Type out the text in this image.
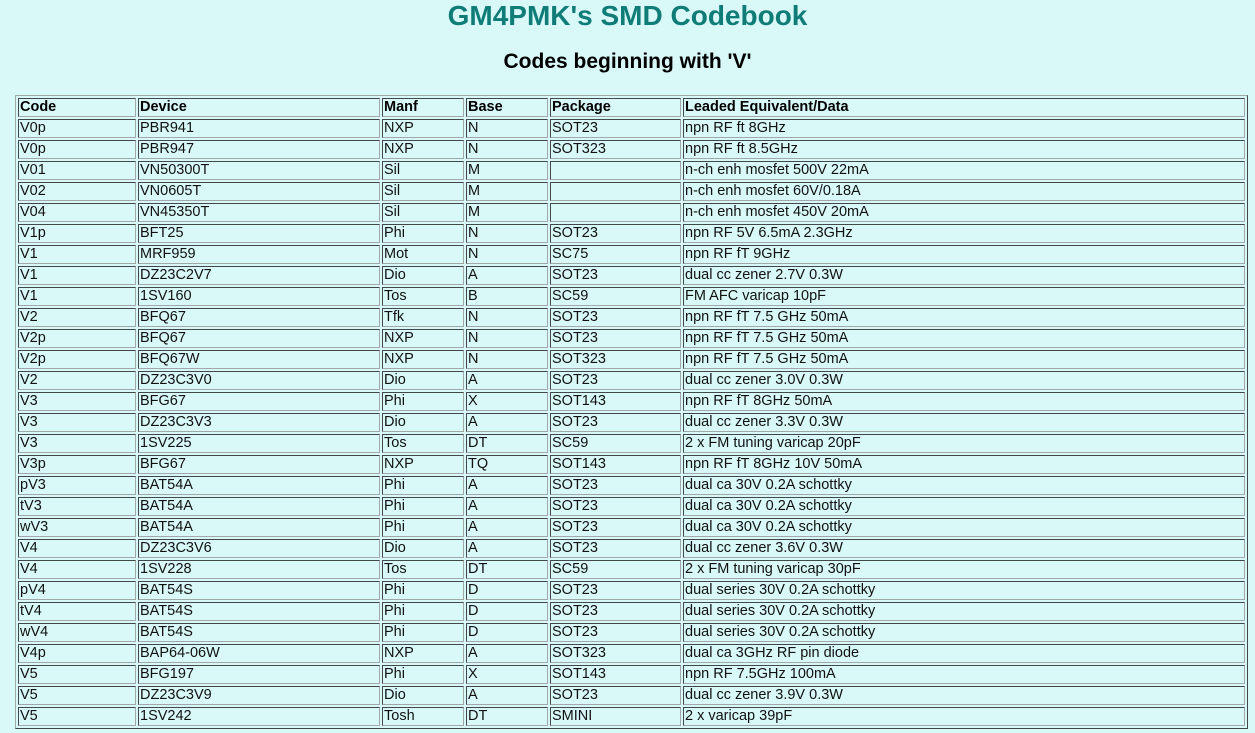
GM4PMK's SMD Codebook
Codes beginning with 'V'
Code	Device	Manf	Base	Package	Leaded Equivalent/Data
V0p	PBR941	NXP	N	SOT23	npn RF ft 8GHz
V0p	PBR947	NXP	N	SOT323	npn RF ft 8.5GHz
V01	VN50300T	Sil	M		n-ch enh mosfet 500V 22mA
V02	VN0605T	Sil	M		n-ch enh mosfet 60V/0.18A
V04	VN45350T	Sil	M		n-ch enh mosfet 450V 20mA
V1p	BFT25	Phi	N	SOT23	npn RF 5V 6.5mA 2.3GHz
V1	MRF959	Mot	N	SC75	npn RF fT 9GHz
V1	DZ23C2V7	Dio	A	SOT23	dual cc zener 2.7V 0.3W
V1	1SV160	Tos	B	SC59	FM AFC varicap 10pF
V2	BFQ67	Tfk	N	SOT23	npn RF fT 7.5 GHz 50mA
V2p	BFQ67	NXP	N	SOT23	npn RF fT 7.5 GHz 50mA
V2p	BFQ67W	NXP	N	SOT323	npn RF fT 7.5 GHz 50mA
V2	DZ23C3V0	Dio	A	SOT23	dual cc zener 3.0V 0.3W
V3	BFG67	Phi	X	SOT143	npn RF fT 8GHz 50mA
V3	DZ23C3V3	Dio	A	SOT23	dual cc zener 3.3V 0.3W
V3	1SV225	Tos	DT	SC59	2 x FM tuning varicap 20pF
V3p	BFG67	NXP	TQ	SOT143	npn RF fT 8GHz 10V 50mA
pV3	BAT54A	Phi	A	SOT23	dual ca 30V 0.2A schottky
tV3	BAT54A	Phi	A	SOT23	dual ca 30V 0.2A schottky
wV3	BAT54A	Phi	A	SOT23	dual ca 30V 0.2A schottky
V4	DZ23C3V6	Dio	A	SOT23	dual cc zener 3.6V 0.3W
V4	1SV228	Tos	DT	SC59	2 x FM tuning varicap 30pF
pV4	BAT54S	Phi	D	SOT23	dual series 30V 0.2A schottky
tV4	BAT54S	Phi	D	SOT23	dual series 30V 0.2A schottky
wV4	BAT54S	Phi	D	SOT23	dual series 30V 0.2A schottky
V4p	BAP64-06W	NXP	A	SOT323	dual ca 3GHz RF pin diode
V5	BFG197	Phi	X	SOT143	npn RF 7.5GHz 100mA
V5	DZ23C3V9	Dio	A	SOT23	dual cc zener 3.9V 0.3W
V5	1SV242	Tosh	DT	SMINI	2 x varicap 39pF
